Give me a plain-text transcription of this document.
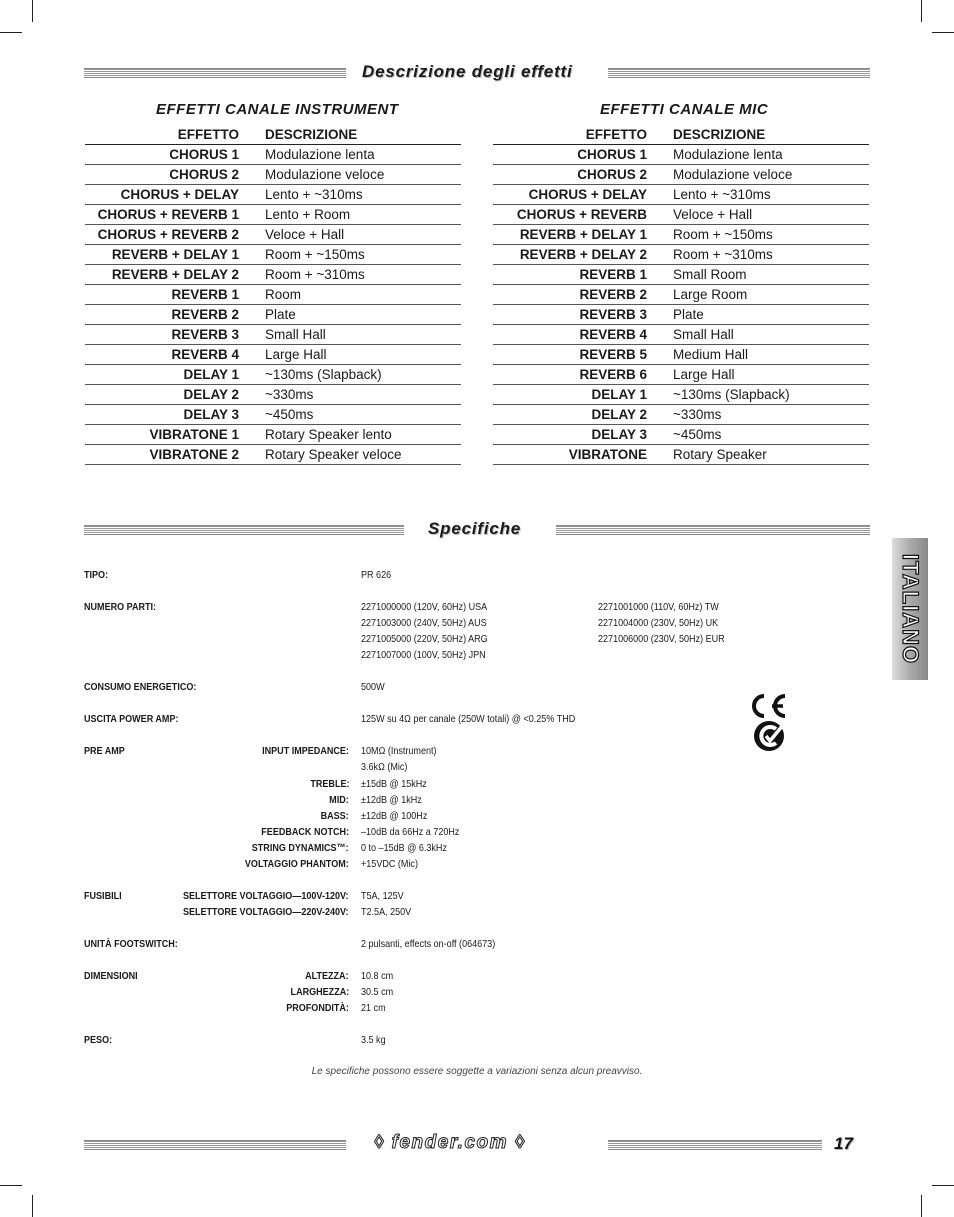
Descrizione degli effetti
EFFETTI CANALE INSTRUMENT
EFFETTO	DESCRIZIONE
CHORUS 1	Modulazione lenta
CHORUS 2	Modulazione veloce
CHORUS + DELAY	Lento + ~310ms
CHORUS + REVERB 1	Lento + Room
CHORUS + REVERB 2	Veloce + Hall
REVERB + DELAY 1	Room + ~150ms
REVERB + DELAY 2	Room + ~310ms
REVERB 1	Room
REVERB 2	Plate
REVERB 3	Small Hall
REVERB 4	Large Hall
DELAY 1	~130ms (Slapback)
DELAY 2	~330ms
DELAY 3	~450ms
VIBRATONE 1	Rotary Speaker lento
VIBRATONE 2	Rotary Speaker veloce
EFFETTI CANALE MIC
EFFETTO	DESCRIZIONE
CHORUS 1	Modulazione lenta
CHORUS 2	Modulazione veloce
CHORUS + DELAY	Lento + ~310ms
CHORUS + REVERB	Veloce + Hall
REVERB + DELAY 1	Room + ~150ms
REVERB + DELAY 2	Room + ~310ms
REVERB 1	Small Room
REVERB 2	Large Room
REVERB 3	Plate
REVERB 4	Small Hall
REVERB 5	Medium Hall
REVERB 6	Large Hall
DELAY 1	~130ms (Slapback)
DELAY 2	~330ms
DELAY 3	~450ms
VIBRATONE	Rotary Speaker
Specifiche
ITALIANO
TIPO:	PR 626
NUMERO PARTI:	2271000000 (120V, 60Hz) USA
2271003000 (240V, 50Hz) AUS
2271005000 (220V, 50Hz) ARG
2271007000 (100V, 50Hz) JPN
2271001000 (110V, 60Hz) TW
2271004000 (230V, 50Hz) UK
2271006000 (230V, 50Hz) EUR
CONSUMO ENERGETICO:	500W
USCITA POWER AMP:	125W su 4Ω per canale (250W totali) @ <0.25% THD
PRE AMP	INPUT IMPEDANCE: 10MΩ (Instrument)
3.6kΩ (Mic)
TREBLE: ±15dB @ 15kHz
MID: ±12dB @ 1kHz
BASS: ±12dB @ 100Hz
FEEDBACK NOTCH: –10dB da 66Hz a 720Hz
STRING DYNAMICS™: 0 to –15dB @ 6.3kHz
VOLTAGGIO PHANTOM: +15VDC (Mic)
FUSIBILI	SELETTORE VOLTAGGIO—100V-120V: T5A, 125V
SELETTORE VOLTAGGIO—220V-240V: T2.5A, 250V
UNITÀ FOOTSWITCH:	2 pulsanti, effects on-off (064673)
DIMENSIONI	ALTEZZA: 10.8 cm
LARGHEZZA: 30.5 cm
PROFONDITÀ: 21 cm
PESO:	3.5 kg
Le specifiche possono essere soggette a variazioni senza alcun preavviso.
◊ fender.com ◊	17
